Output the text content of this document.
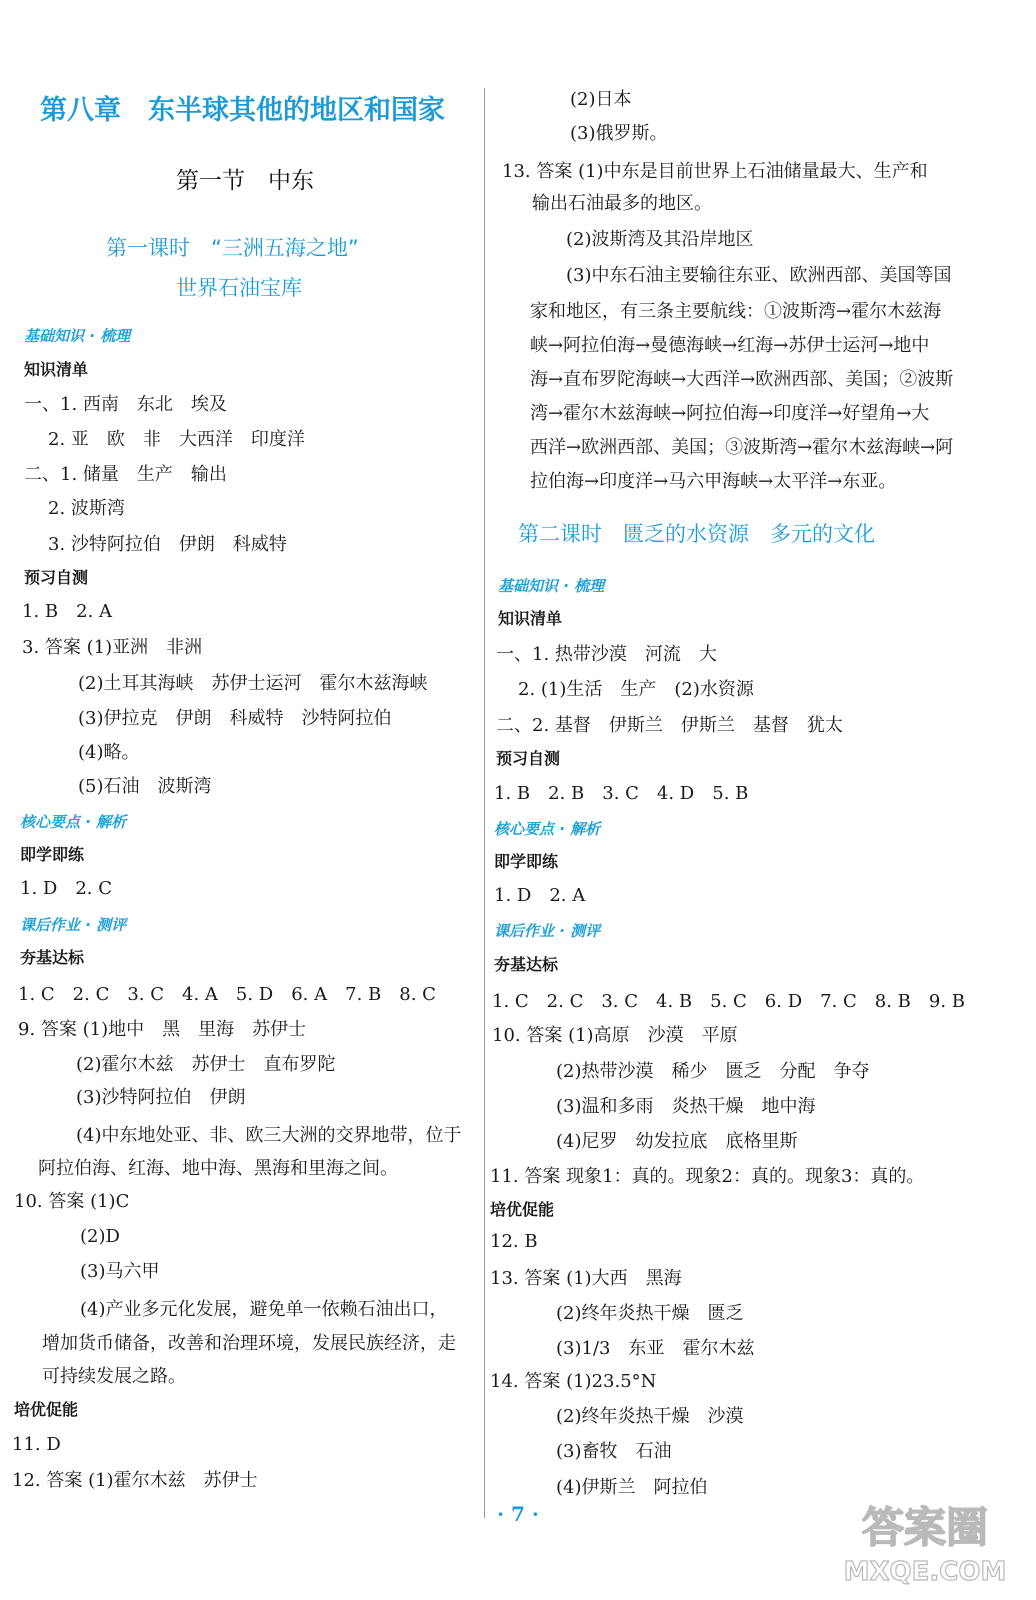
第八章　东半球其他的地区和国家
第一节　中东
第一课时　“三洲五海之地”
世界石油宝库
基础知识 · 梳理
知识清单
一、1. 西南　东北　埃及
2. 亚　欧　非　大西洋　印度洋
二、1. 储量　生产　输出
2. 波斯湾
3. 沙特阿拉伯　伊朗　科威特
预习自测
1. B　2. A
3. 答案 (1)亚洲　非洲
(2)土耳其海峡　苏伊士运河　霍尔木兹海峡
(3)伊拉克　伊朗　科威特　沙特阿拉伯
(4)略。
(5)石油　波斯湾
核心要点 · 解析
即学即练
1. D　2. C
课后作业 · 测评
夯基达标
1. C　2. C　3. C　4. A　5. D　6. A　7. B　8. C
9. 答案 (1)地中　黑　里海　苏伊士
(2)霍尔木兹　苏伊士　直布罗陀
(3)沙特阿拉伯　伊朗
(4)中东地处亚、非、欧三大洲的交界地带，位于
阿拉伯海、红海、地中海、黑海和里海之间。
10. 答案 (1)C
(2)D
(3)马六甲
(4)产业多元化发展，避免单一依赖石油出口，
增加货币储备，改善和治理环境，发展民族经济，走
可持续发展之路。
培优促能
11. D
12. 答案 (1)霍尔木兹　苏伊士
(2)日本
(3)俄罗斯。
13. 答案 (1)中东是目前世界上石油储量最大、生产和
输出石油最多的地区。
(2)波斯湾及其沿岸地区
(3)中东石油主要输往东亚、欧洲西部、美国等国
家和地区，有三条主要航线：①波斯湾→霍尔木兹海
峡→阿拉伯海→曼德海峡→红海→苏伊士运河→地中
海→直布罗陀海峡→大西洋→欧洲西部、美国；②波斯
湾→霍尔木兹海峡→阿拉伯海→印度洋→好望角→大
西洋→欧洲西部、美国；③波斯湾→霍尔木兹海峡→阿
拉伯海→印度洋→马六甲海峡→太平洋→东亚。
第二课时　匮乏的水资源　多元的文化
基础知识 · 梳理
知识清单
一、1. 热带沙漠　河流　大
2. (1)生活　生产　(2)水资源
二、2. 基督　伊斯兰　伊斯兰　基督　犹太
预习自测
1. B　2. B　3. C　4. D　5. B
核心要点 · 解析
即学即练
1. D　2. A
课后作业 · 测评
夯基达标
1. C　2. C　3. C　4. B　5. C　6. D　7. C　8. B　9. B
10. 答案 (1)高原　沙漠　平原
(2)热带沙漠　稀少　匮乏　分配　争夺
(3)温和多雨　炎热干燥　地中海
(4)尼罗　幼发拉底　底格里斯
11. 答案 现象1：真的。现象2：真的。现象3：真的。
培优促能
12. B
13. 答案 (1)大西　黑海
(2)终年炎热干燥　匮乏
(3)1/3　东亚　霍尔木兹
14. 答案 (1)23.5°N
(2)终年炎热干燥　沙漠
(3)畜牧　石油
(4)伊斯兰　阿拉伯
· 7 ·	答案圈
MXQE.COM
